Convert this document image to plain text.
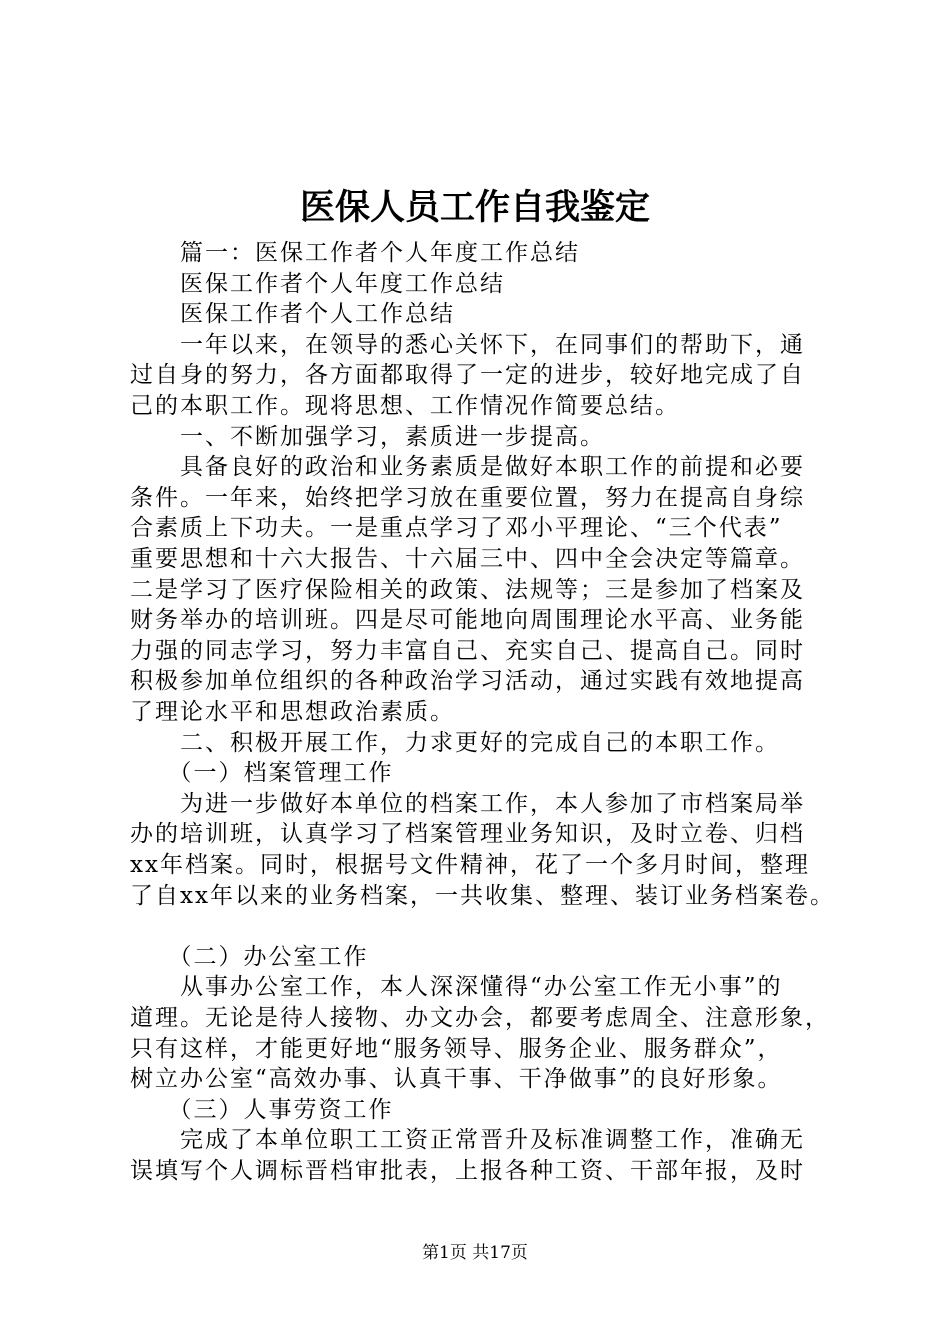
医保人员工作自我鉴定

　　篇一：医保工作者个人年度工作总结

　　医保工作者个人年度工作总结

　　医保工作者个人工作总结

　　一年以来，在领导的悉心关怀下，在同事们的帮助下，通

过自身的努力，各方面都取得了一定的进步，较好地完成了自

己的本职工作。现将思想、工作情况作简要总结。

　　一、不断加强学习，素质进一步提高。

　　具备良好的政治和业务素质是做好本职工作的前提和必要

条件。一年来，始终把学习放在重要位置，努力在提高自身综

合素质上下功夫。一是重点学习了邓小平理论、“三个代表”

重要思想和十六大报告、十六届三中、四中全会决定等篇章。

二是学习了医疗保险相关的政策、法规等；三是参加了档案及

财务举办的培训班。四是尽可能地向周围理论水平高、业务能

力强的同志学习，努力丰富自己、充实自己、提高自己。同时

积极参加单位组织的各种政治学习活动，通过实践有效地提高

了理论水平和思想政治素质。

　　二、积极开展工作，力求更好的完成自己的本职工作。

　　（一）档案管理工作

　　为进一步做好本单位的档案工作，本人参加了市档案局举

办的培训班，认真学习了档案管理业务知识，及时立卷、归档

xx年档案。同时，根据号文件精神，花了一个多月时间，整理

了自xx年以来的业务档案，一共收集、整理、装订业务档案卷。

　　（二）办公室工作

　　从事办公室工作，本人深深懂得“办公室工作无小事”的

道理。无论是待人接物、办文办会，都要考虑周全、注意形象，

只有这样，才能更好地“服务领导、服务企业、服务群众”，

树立办公室“高效办事、认真干事、干净做事”的良好形象。

　　（三）人事劳资工作

　　完成了本单位职工工资正常晋升及标准调整工作，准确无

误填写个人调标晋档审批表，上报各种工资、干部年报，及时

第1页 共17页
